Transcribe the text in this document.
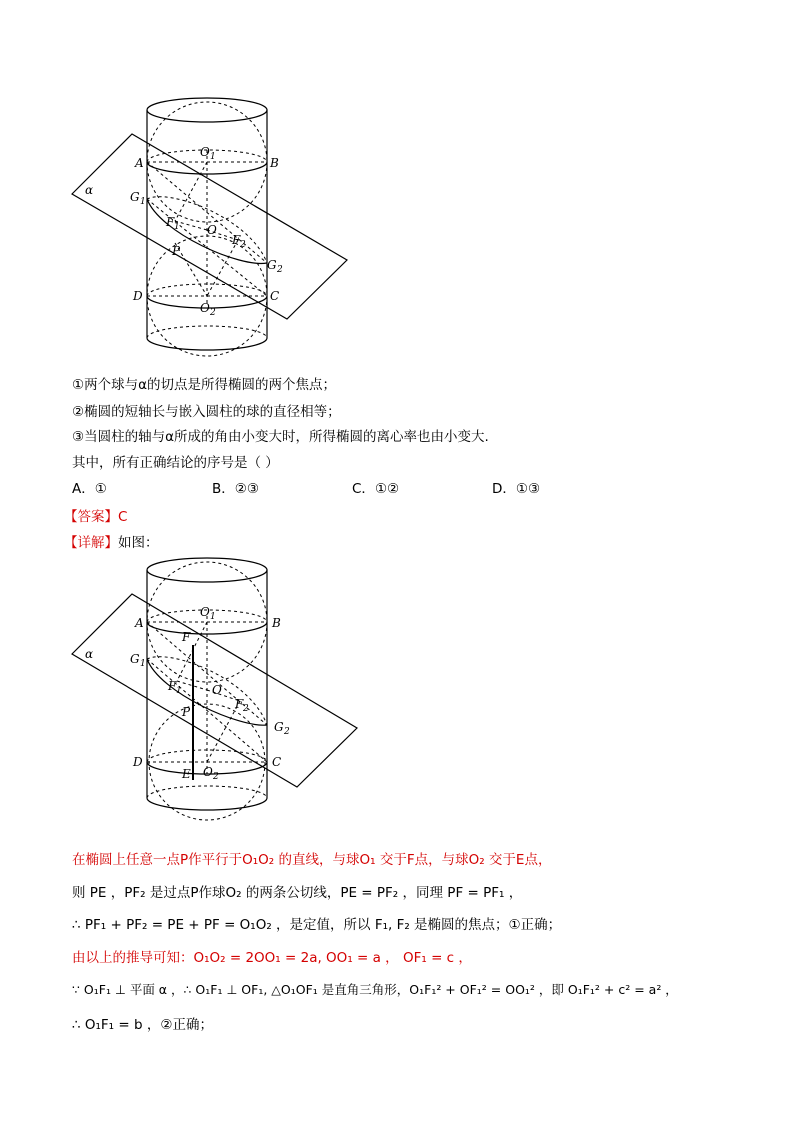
α
A	B
O 1
G 1
F 1 O
F 2
P
G 2
D	C
O 2
①两个球与α的切点是所得椭圆的两个焦点；
②椭圆的短轴长与嵌入圆柱的球的直径相等；
③当圆柱的轴与α所成的角由小变大时，所得椭圆的离心率也由小变大.
其中，所有正确结论的序号是（ ）
A．①	B．②③	C．①②	D．①③
【答案】C
【详解】如图：
α
A	B
O 1
F
G 1
F 1	O
P
F 2
G 2
D	C
E O 2
在椭圆上任意一点P作平行于O₁O₂ 的直线，与球O₁ 交于F点，与球O₂ 交于E点，
则 PE ，PF₂ 是过点P作球O₂ 的两条公切线，PE = PF₂ ，同理 PF = PF₁ ，
∴ PF₁ + PF₂ = PE + PF = O₁O₂ ，是定值，所以 F₁, F₂ 是椭圆的焦点；①正确；
由以上的推导可知：O₁O₂ = 2OO₁ = 2a, OO₁ = a ， OF₁ = c ，
∵ O₁F₁ ⊥ 平面 α ，∴ O₁F₁ ⊥ OF₁, △O₁OF₁ 是直角三角形，O₁F₁² + OF₁² = OO₁² ，即 O₁F₁² + c² = a² ，
∴ O₁F₁ = b ，②正确；
